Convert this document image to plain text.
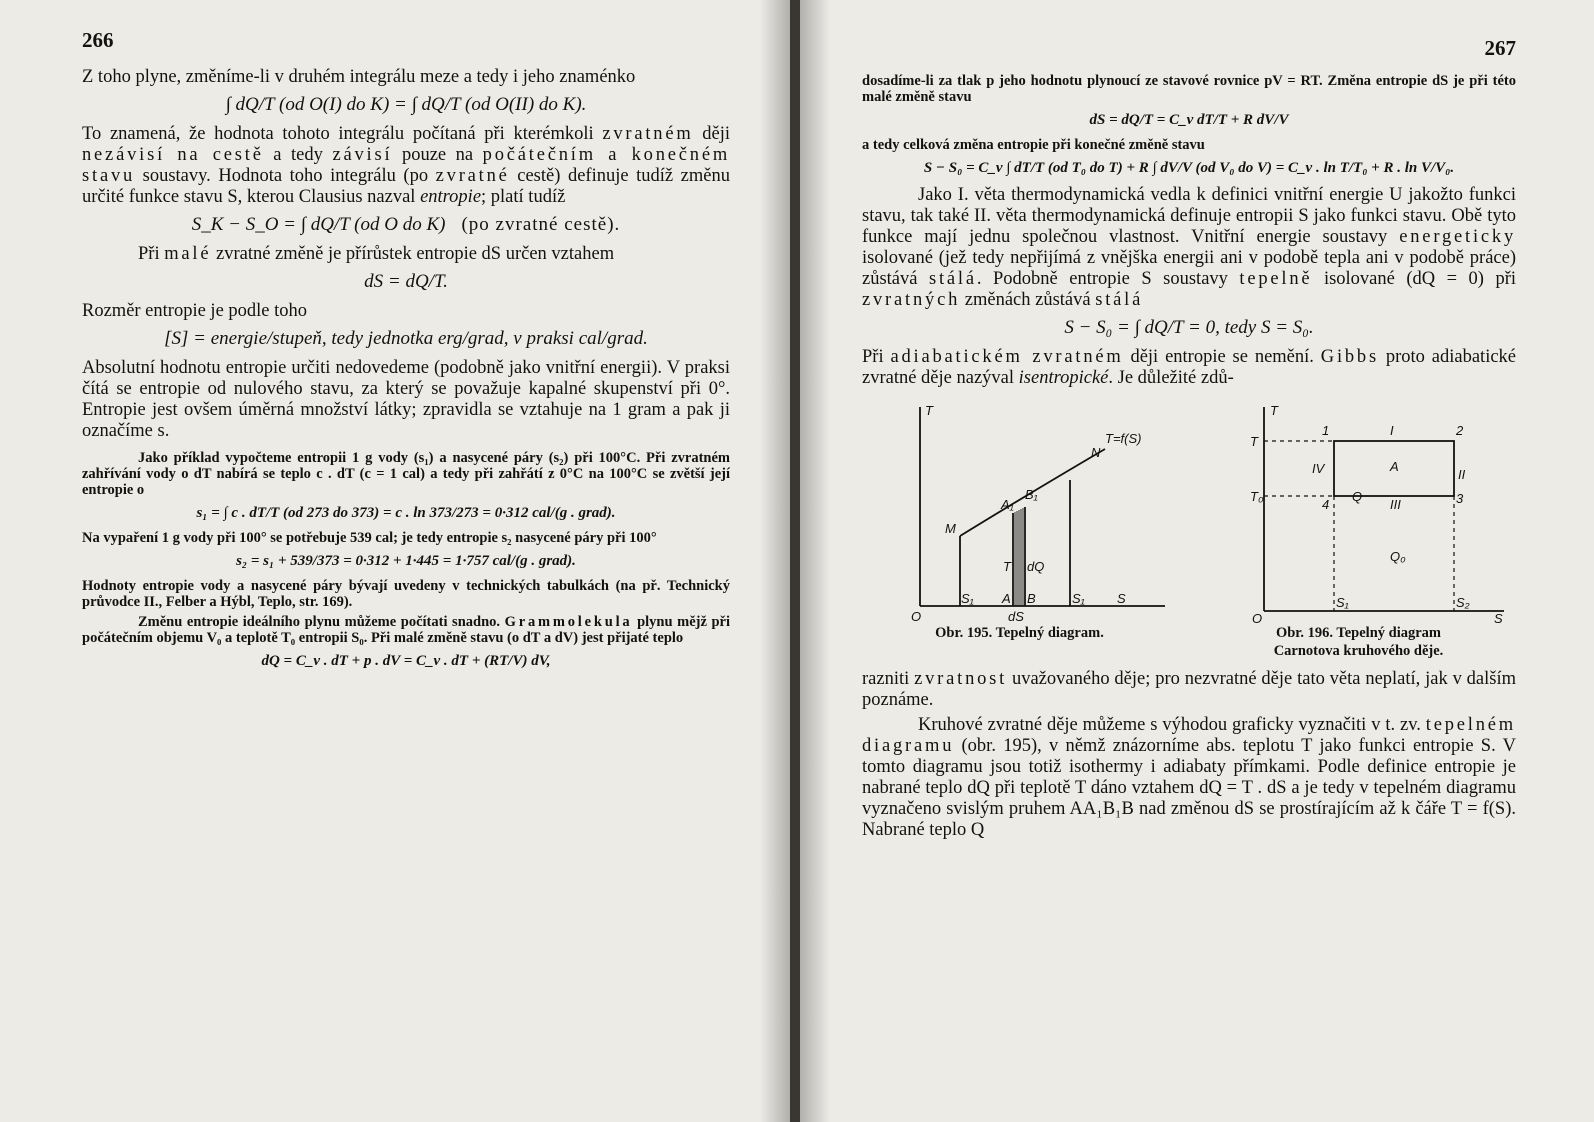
266

Z toho plyne, změníme-li v druhém integrálu meze a tedy i jeho znaménko

∫ dQ/T (od O(I) do K) = ∫ dQ/T (od O(II) do K).

To znamená, že hodnota tohoto integrálu počítaná při kterémkoli zvratném ději nezávisí na cestě a tedy závisí pouze na počátečním a konečném stavu soustavy. Hodnota toho integrálu (po zvratné cestě) definuje tudíž změnu určité funkce stavu S, kterou Clausius nazval entropie; platí tudíž

S_K − S_O = ∫ dQ/T (od O do K) (po zvratné cestě).

Při malé zvratné změně je přírůstek entropie dS určen vztahem

dS = dQ/T.

Rozměr entropie je podle toho

[S] = energie/stupeň, tedy jednotka erg/grad, v praksi cal/grad.

Absolutní hodnotu entropie určiti nedovedeme (podobně jako vnitřní energii). V praksi čítá se entropie od nulového stavu, za který se považuje kapalné skupenství při 0°. Entropie jest ovšem úměrná množství látky; zpravidla se vztahuje na 1 gram a pak ji označíme s.

Jako příklad vypočteme entropii 1 g vody (s₁) a nasycené páry (s₂) při 100°C. Při zvratném zahřívání vody o dT nabírá se teplo c . dT (c = 1 cal) a tedy při zahřátí z 0°C na 100°C se zvětší její entropie o

s₁ = ∫ c . dT/T (od 273 do 373) = c . ln 373/273 = 0·312 cal/(g . grad).

Na vypaření 1 g vody při 100° se potřebuje 539 cal; je tedy entropie s₂ nasycené páry při 100°

s₂ = s₁ + 539/373 = 0·312 + 1·445 = 1·757 cal/(g . grad).

Hodnoty entropie vody a nasycené páry bývají uvedeny v technických tabulkách (na př. Technický průvodce II., Felber a Hýbl, Teplo, str. 169).

Změnu entropie ideálního plynu můžeme počítati snadno. Grammolekula plynu mějž při počátečním objemu V₀ a teplotě T₀ entropii S₀. Při malé změně stavu (o dT a dV) jest přijaté teplo

dQ = C_v . dT + p . dV = C_v . dT + (RT/V) dV,
267

dosadíme-li za tlak p jeho hodnotu plynoucí ze stavové rovnice pV = RT. Změna entropie dS je při této malé změně stavu

dS = dQ/T = C_v dT/T + R dV/V

a tedy celková změna entropie při konečné změně stavu

S − S₀ = C_v ∫ dT/T (od T₀ do T) + R ∫ dV/V (od V₀ do V) = C_v . ln T/T₀ + R . ln V/V₀.

Jako I. věta thermodynamická vedla k definici vnitřní energie U jakožto funkci stavu, tak také II. věta thermodynamická definuje entropii S jako funkci stavu. Obě tyto funkce mají jednu společnou vlastnost. Vnitřní energie soustavy energeticky isolované (jež tedy nepřijímá z vnějška energii ani v podobě tepla ani v podobě práce) zůstává stálá. Podobně entropie S soustavy tepelně isolované (dQ = 0) při zvratných změnách zůstává stálá

S − S₀ = ∫ dQ/T = 0, tedy S = S₀.

Při adiabatickém zvratném ději entropie se nemění. Gibbs proto adiabatické zvratné děje nazýval isentropické. Je důležité zdů-

T
O
T=f(S)
N
M
A₁
B₁
T dQ
S₁ A B	S₁ S
dS
Obr. 195. Tepelný diagram.
T
T
T₀
O
1	I	2
IV	A
II
4
Q
III	3
Q₀
S₁	S₂
S
Obr. 196. Tepelný diagram
Carnotova kruhového děje.

razniti zvratnost uvažovaného děje; pro nezvratné děje tato věta neplatí, jak v dalším poznáme.

Kruhové zvratné děje můžeme s výhodou graficky vyznačiti v t. zv. tepelném diagramu (obr. 195), v němž znázorníme abs. teplotu T jako funkci entropie S. V tomto diagramu jsou totiž isothermy i adiabaty přímkami. Podle definice entropie je nabrané teplo dQ při teplotě T dáno vztahem dQ = T . dS a je tedy v tepelném diagramu vyznačeno svislým pruhem AA₁B₁B nad změnou dS se prostírajícím až k čáře T = f(S). Nabrané teplo Q
